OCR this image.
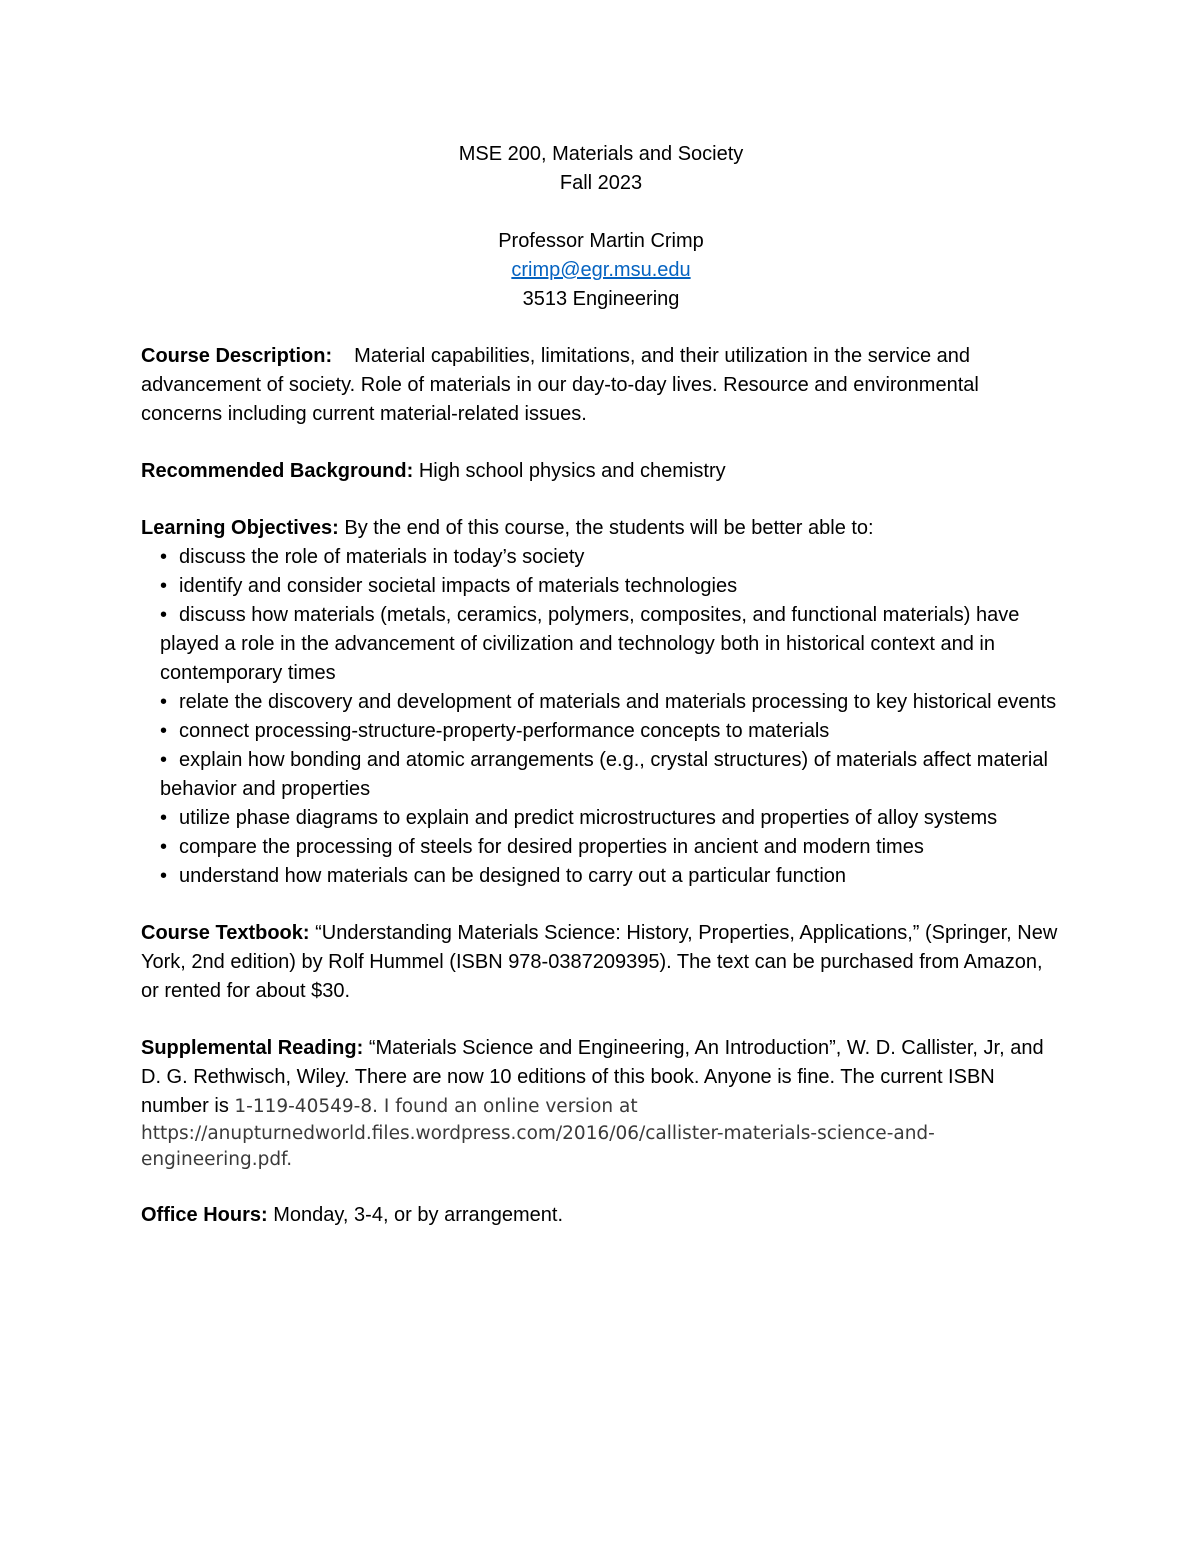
MSE 200, Materials and Society
Fall 2023
Professor Martin Crimp
crimp@egr.msu.edu
3513 Engineering
Course Description: Material capabilities, limitations, and their utilization in the service and advancement of society. Role of materials in our day-to-day lives. Resource and environmental concerns including current material-related issues.
Recommended Background: High school physics and chemistry
Learning Objectives: By the end of this course, the students will be better able to:
• discuss the role of materials in today’s society
• identify and consider societal impacts of materials technologies
• discuss how materials (metals, ceramics, polymers, composites, and functional materials) have played a role in the advancement of civilization and technology both in historical context and in contemporary times
• relate the discovery and development of materials and materials processing to key historical events
• connect processing-structure-property-performance concepts to materials
• explain how bonding and atomic arrangements (e.g., crystal structures) of materials affect material behavior and properties
• utilize phase diagrams to explain and predict microstructures and properties of alloy systems
• compare the processing of steels for desired properties in ancient and modern times
• understand how materials can be designed to carry out a particular function
Course Textbook: “Understanding Materials Science: History, Properties, Applications,” (Springer, New York, 2nd edition) by Rolf Hummel (ISBN 978-0387209395). The text can be purchased from Amazon, or rented for about $30.
Supplemental Reading: “Materials Science and Engineering, An Introduction”, W. D. Callister, Jr, and D. G. Rethwisch, Wiley. There are now 10 editions of this book. Anyone is fine. The current ISBN number is 1-119-40549-8. I found an online version at
https://anupturnedworld.files.wordpress.com/2016/06/callister-materials-science-and-engineering.pdf.
Office Hours: Monday, 3-4, or by arrangement.
